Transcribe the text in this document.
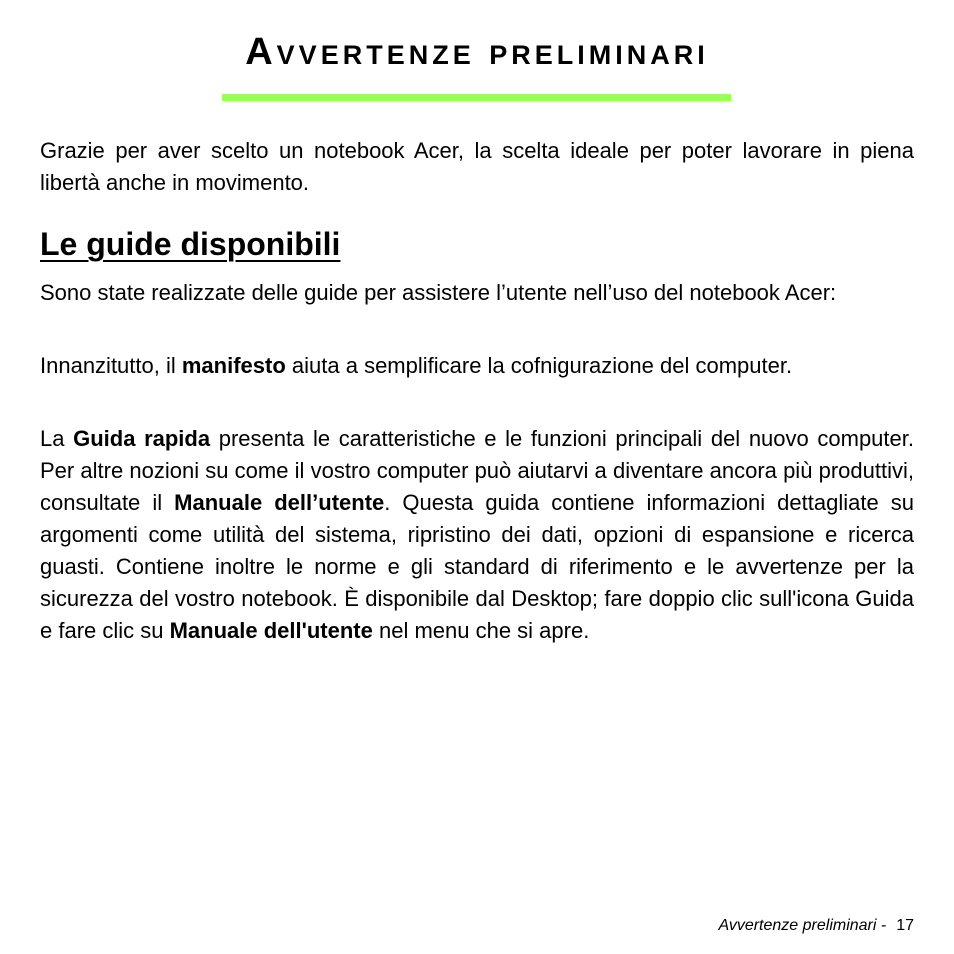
Avvertenze preliminari

Grazie per aver scelto un notebook Acer, la scelta ideale per poter lavorare in piena libertà anche in movimento.

Le guide disponibili

Sono state realizzate delle guide per assistere l’utente nell’uso del notebook Acer:

Innanzitutto, il manifesto aiuta a semplificare la cofnigurazione del computer.

La Guida rapida presenta le caratteristiche e le funzioni principali del nuovo computer. Per altre nozioni su come il vostro computer può aiutarvi a diventare ancora più produttivi, consultate il Manuale dell’utente. Questa guida contiene informazioni dettagliate su argomenti come utilità del sistema, ripristino dei dati, opzioni di espansione e ricerca guasti. Contiene inoltre le norme e gli standard di riferimento e le avvertenze per la sicurezza del vostro notebook. È disponibile dal Desktop; fare doppio clic sull'icona Guida e fare clic su Manuale dell'utente nel menu che si apre.

Avvertenze preliminari - 17
